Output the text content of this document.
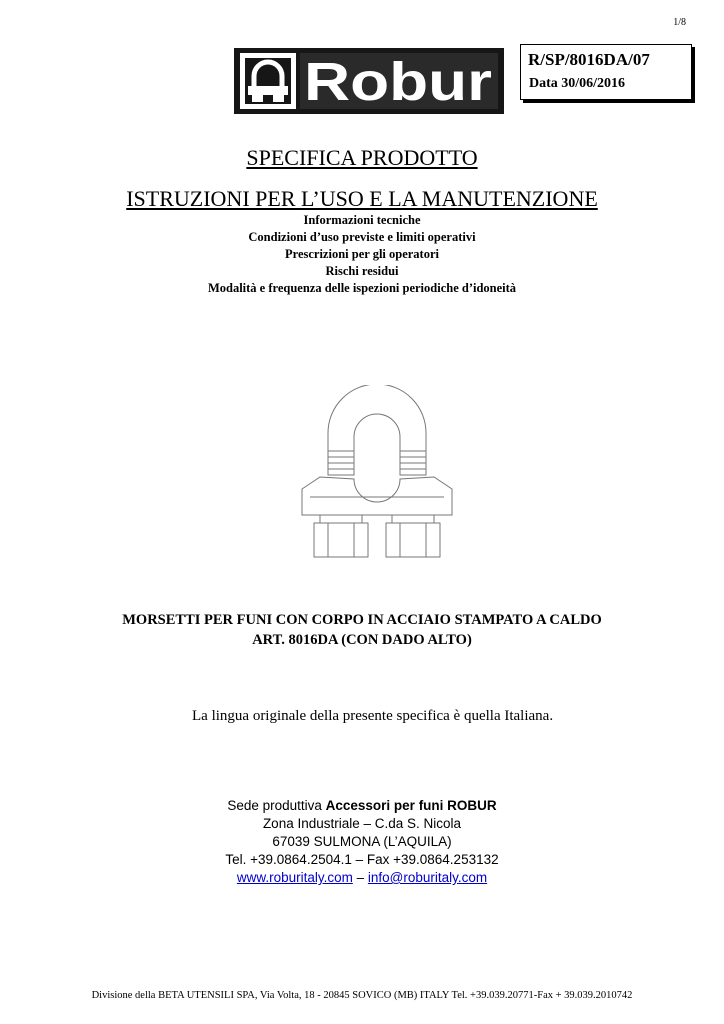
1/8
Robur R/SP/8016DA/07
Data 30/06/2016
SPECIFICA PRODOTTO
ISTRUZIONI PER L’USO E LA MANUTENZIONE
Informazioni tecniche
Condizioni d’uso previste e limiti operativi
Prescrizioni per gli operatori
Rischi residui
Modalità e frequenza delle ispezioni periodiche d’idoneità
MORSETTI PER FUNI CON CORPO IN ACCIAIO STAMPATO A CALDO
ART. 8016DA (CON DADO ALTO)
La lingua originale della presente specifica è quella Italiana.
Sede produttiva Accessori per funi ROBUR
Zona Industriale – C.da S. Nicola
67039 SULMONA (L’AQUILA)
Tel. +39.0864.2504.1 – Fax +39.0864.253132
www.roburitaly.com – info@roburitaly.com
Divisione della BETA UTENSILI SPA, Via Volta, 18 - 20845 SOVICO (MB) ITALY Tel. +39.039.20771-Fax + 39.039.2010742
